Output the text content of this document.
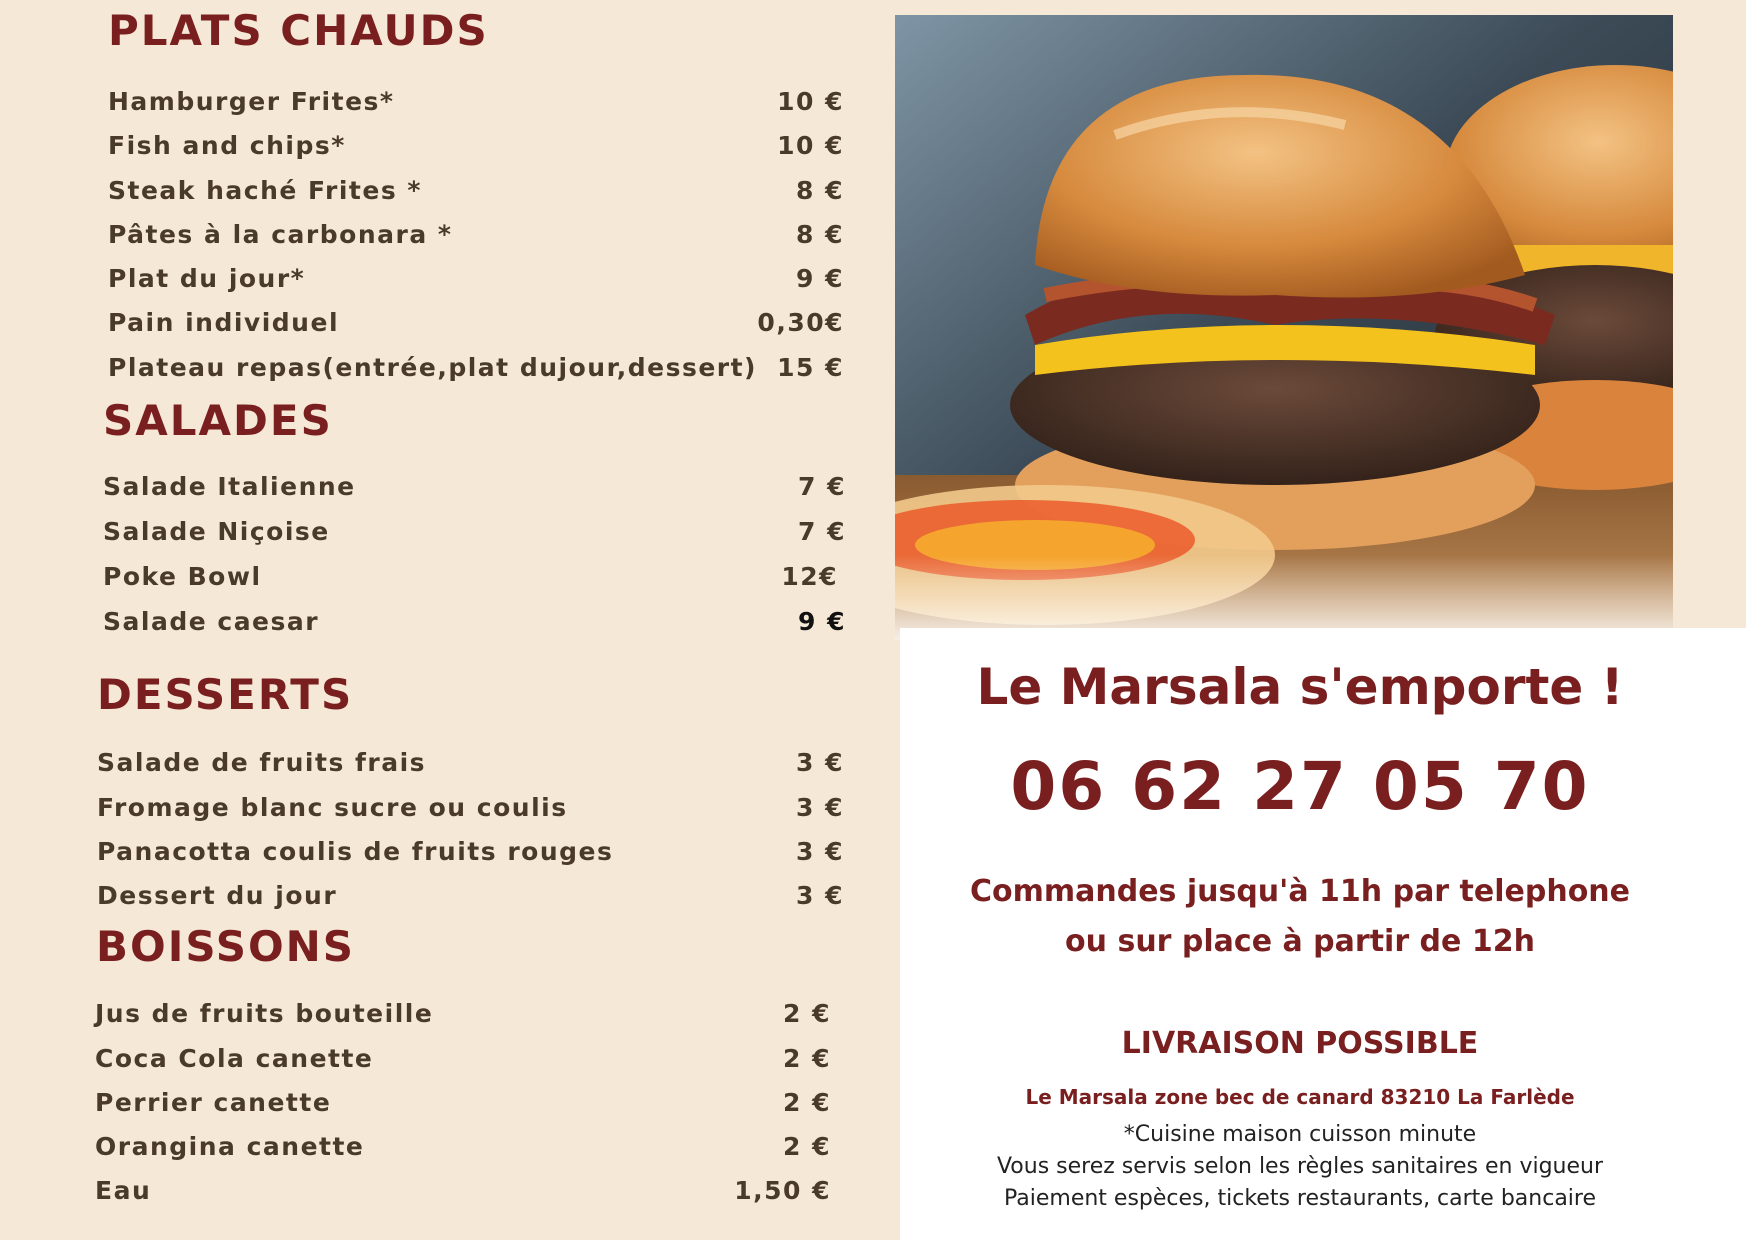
PLATS CHAUDS
Hamburger Frites*	10 €
Fish and chips*	10 €
Steak haché Frites *	8 €
Pâtes à la carbonara *	8 €
Plat du jour*	9 €
Pain individuel	0,30€
Plateau repas(entrée,plat dujour,dessert) 15 €
SALADES
Salade Italienne	7 €
Salade Niçoise	7 €
Poke Bowl	12€
Salade caesar	9 €
DESSERTS
Salade de fruits frais	3 €
Fromage blanc sucre ou coulis	3 €
Panacotta coulis de fruits rouges	3 €
Dessert du jour	3 €
BOISSONS
Jus de fruits bouteille	2 €
Coca Cola canette	2 €
Perrier canette	2 €
Orangina canette	2 €
Eau	1,50 €
Le Marsala s'emporte !
06 62 27 05 70
Commandes jusqu'à 11h par telephone
ou sur place à partir de 12h
LIVRAISON POSSIBLE
Le Marsala zone bec de canard 83210 La Farlède
*Cuisine maison cuisson minute
Vous serez servis selon les règles sanitaires en vigueur
Paiement espèces, tickets restaurants, carte bancaire
